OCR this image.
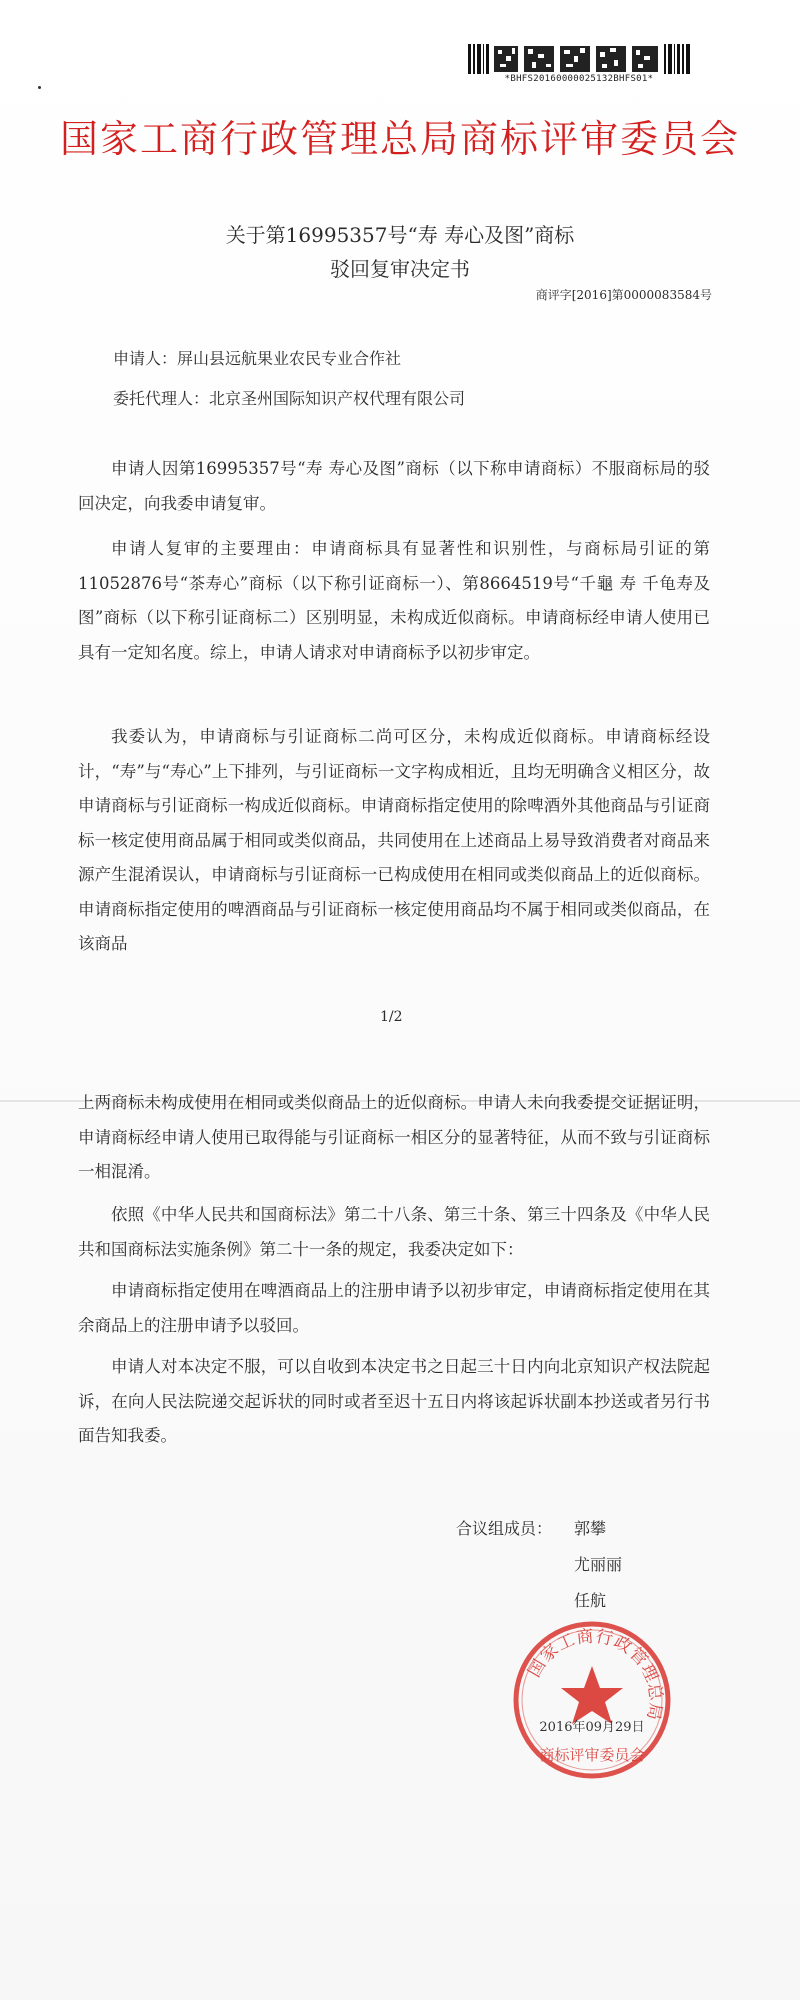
*BHFS20160000025132BHFS01*
国家工商行政管理总局商标评审委员会
关于第16995357号“寿 寿心及图”商标
驳回复审决定书
商评字[2016]第0000083584号
申请人：屏山县远航果业农民专业合作社
委托代理人：北京圣州国际知识产权代理有限公司
申请人因第16995357号“寿 寿心及图”商标（以下称申请商标）不服商标局的驳回决定，向我委申请复审。
申请人复审的主要理由：申请商标具有显著性和识别性，与商标局引证的第11052876号“茶寿心”商标（以下称引证商标一）、第8664519号“千龜 寿 千龟寿及图”商标（以下称引证商标二）区别明显，未构成近似商标。申请商标经申请人使用已具有一定知名度。综上，申请人请求对申请商标予以初步审定。
我委认为，申请商标与引证商标二尚可区分，未构成近似商标。申请商标经设计，“寿”与“寿心”上下排列，与引证商标一文字构成相近，且均无明确含义相区分，故申请商标与引证商标一构成近似商标。申请商标指定使用的除啤酒外其他商品与引证商标一核定使用商品属于相同或类似商品，共同使用在上述商品上易导致消费者对商品来源产生混淆误认，申请商标与引证商标一已构成使用在相同或类似商品上的近似商标。申请商标指定使用的啤酒商品与引证商标一核定使用商品均不属于相同或类似商品，在该商品
1/2
上两商标未构成使用在相同或类似商品上的近似商标。申请人未向我委提交证据证明，申请商标经申请人使用已取得能与引证商标一相区分的显著特征，从而不致与引证商标一相混淆。
依照《中华人民共和国商标法》第二十八条、第三十条、第三十四条及《中华人民共和国商标法实施条例》第二十一条的规定，我委决定如下：
申请商标指定使用在啤酒商品上的注册申请予以初步审定，申请商标指定使用在其余商品上的注册申请予以驳回。
申请人对本决定不服，可以自收到本决定书之日起三十日内向北京知识产权法院起诉，在向人民法院递交起诉状的同时或者至迟十五日内将该起诉状副本抄送或者另行书面告知我委。
合议组成员： 郭攀
尤丽丽
任航
国家工商行政管理总局
商标评审委员会
2016年09月29日
